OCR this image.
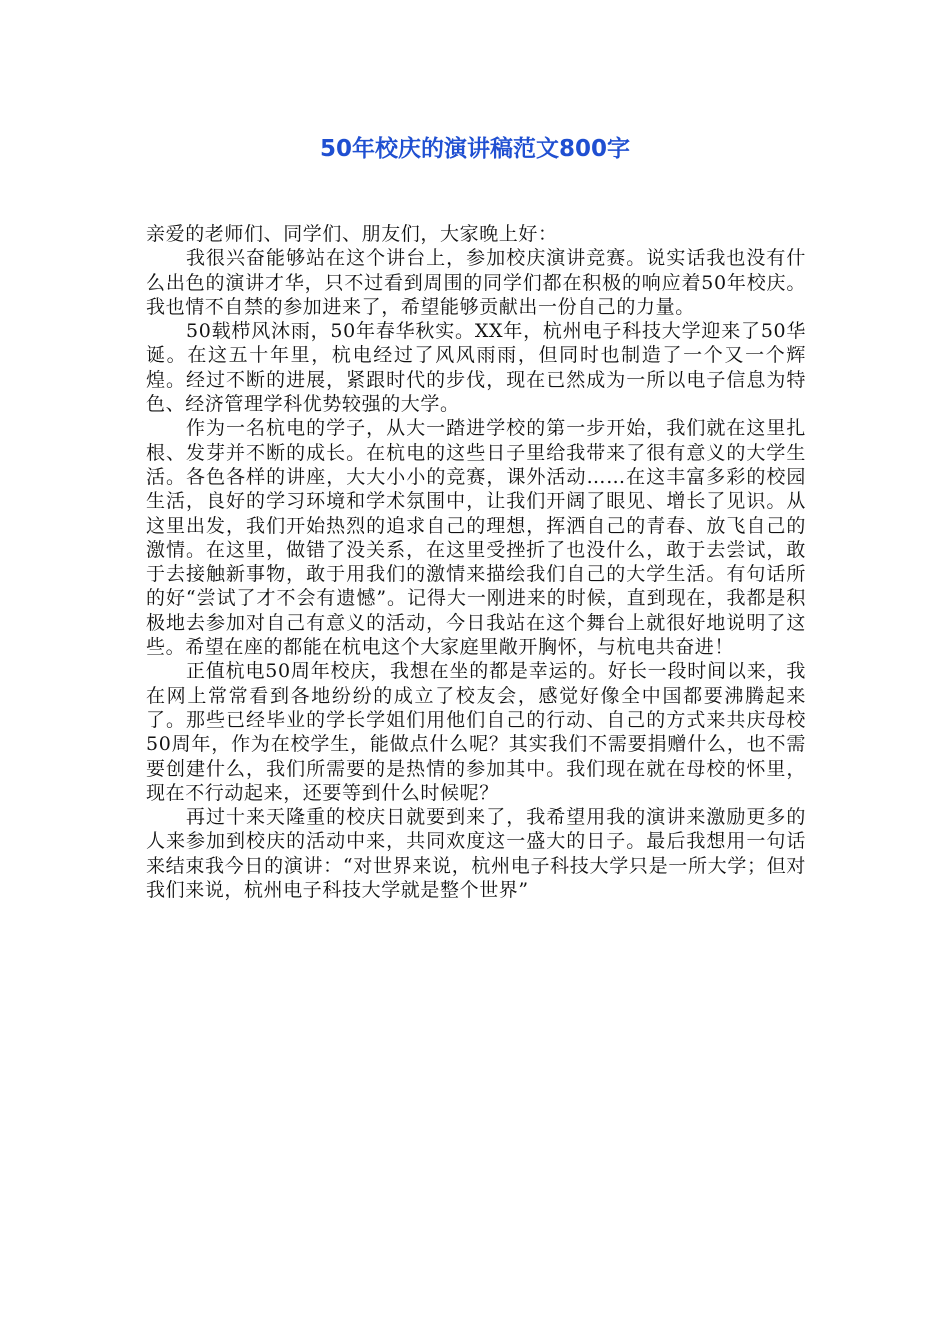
50年校庆的演讲稿范文800字

亲爱的老师们、同学们、朋友们，大家晚上好：

我很兴奋能够站在这个讲台上，参加校庆演讲竞赛。说实话我也没有什么出色的演讲才华，只不过看到周围的同学们都在积极的响应着50年校庆。我也情不自禁的参加进来了，希望能够贡献出一份自己的力量。

50载栉风沐雨，50年春华秋实。XX年，杭州电子科技大学迎来了50华诞。在这五十年里，杭电经过了风风雨雨，但同时也制造了一个又一个辉煌。经过不断的进展，紧跟时代的步伐，现在已然成为一所以电子信息为特色、经济管理学科优势较强的大学。

作为一名杭电的学子，从大一踏进学校的第一步开始，我们就在这里扎根、发芽并不断的成长。在杭电的这些日子里给我带来了很有意义的大学生活。各色各样的讲座，大大小小的竞赛，课外活动……在这丰富多彩的校园生活，良好的学习环境和学术氛围中，让我们开阔了眼见、增长了见识。从这里出发，我们开始热烈的追求自己的理想，挥洒自己的青春、放飞自己的激情。在这里，做错了没关系，在这里受挫折了也没什么，敢于去尝试，敢于去接触新事物，敢于用我们的激情来描绘我们自己的大学生活。有句话所的好“尝试了才不会有遗憾”。记得大一刚进来的时候，直到现在，我都是积极地去参加对自己有意义的活动，今日我站在这个舞台上就很好地说明了这些。希望在座的都能在杭电这个大家庭里敞开胸怀，与杭电共奋进！

正值杭电50周年校庆，我想在坐的都是幸运的。好长一段时间以来，我在网上常常看到各地纷纷的成立了校友会，感觉好像全中国都要沸腾起来了。那些已经毕业的学长学姐们用他们自己的行动、自己的方式来共庆母校50周年，作为在校学生，能做点什么呢？其实我们不需要捐赠什么，也不需要创建什么，我们所需要的是热情的参加其中。我们现在就在母校的怀里，现在不行动起来，还要等到什么时候呢？

再过十来天隆重的校庆日就要到来了，我希望用我的演讲来激励更多的人来参加到校庆的活动中来，共同欢度这一盛大的日子。最后我想用一句话来结束我今日的演讲：“对世界来说，杭州电子科技大学只是一所大学；但对我们来说，杭州电子科技大学就是整个世界”
